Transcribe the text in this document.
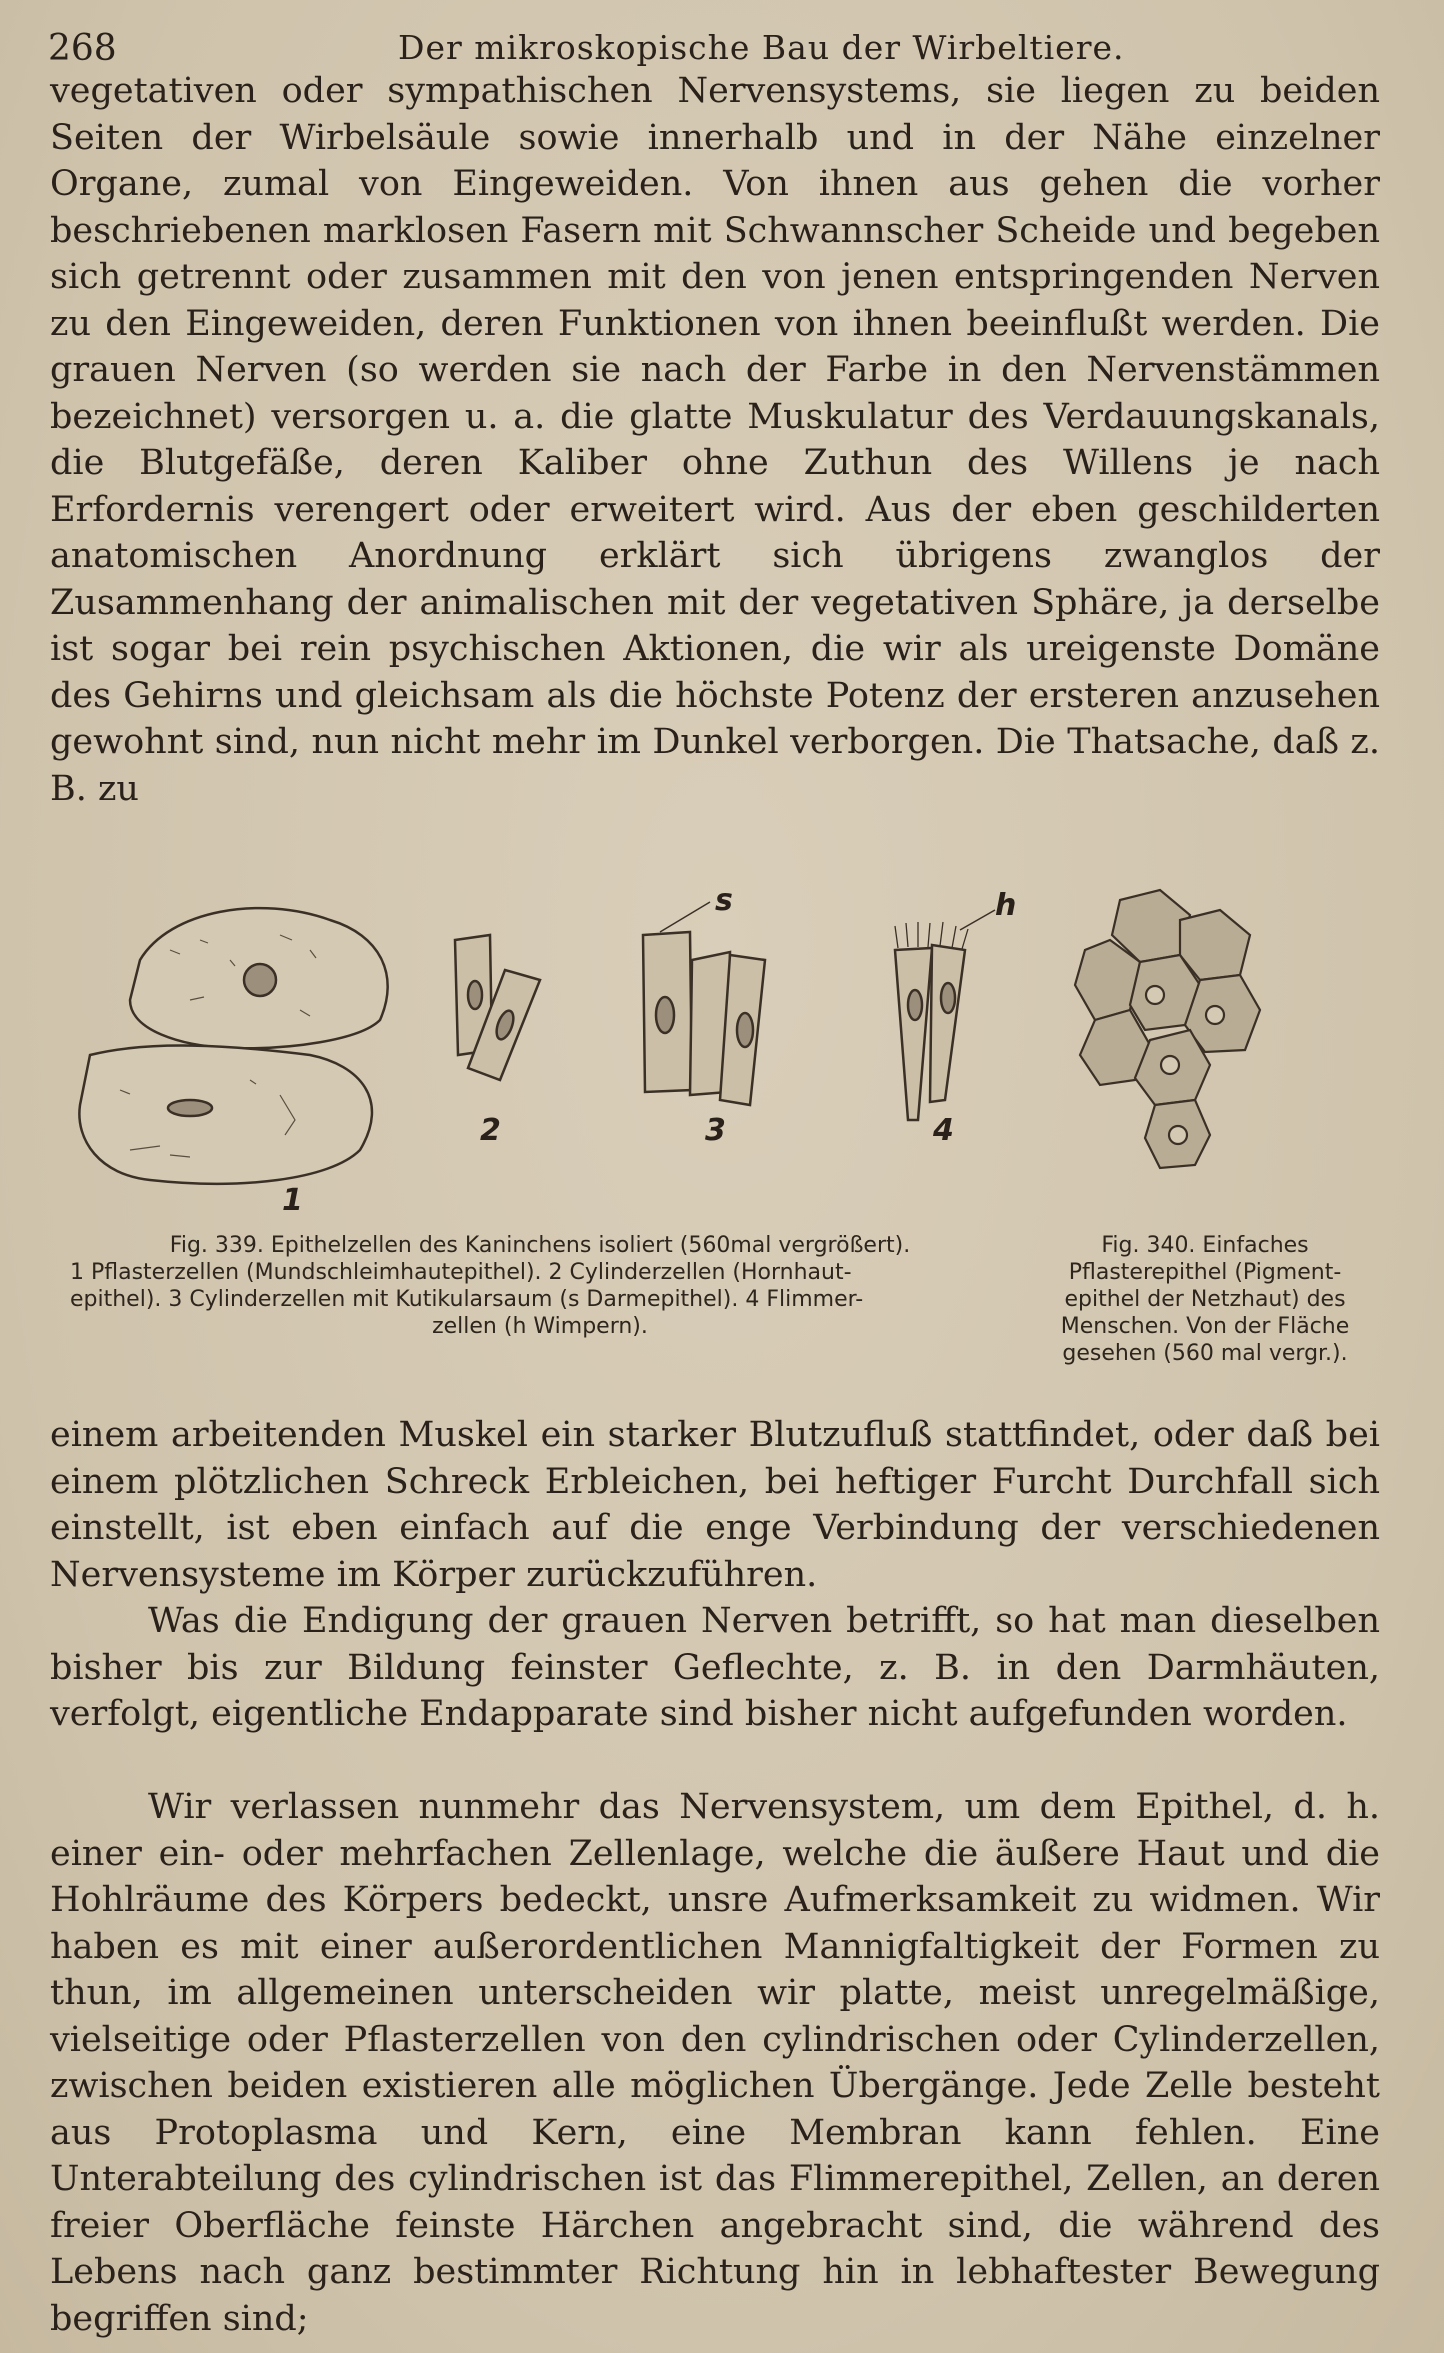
268	Der mikroskopische Bau der Wirbeltiere.

vegetativen oder sympathischen Nervensystems, sie liegen zu beiden Seiten der Wirbelsäule sowie innerhalb und in der Nähe einzelner Organe, zumal von Eingeweiden. Von ihnen aus gehen die vorher beschriebenen marklosen Fasern mit Schwannscher Scheide und begeben sich getrennt oder zusammen mit den von jenen entspringenden Nerven zu den Eingeweiden, deren Funktionen von ihnen beeinflußt werden. Die grauen Nerven (so werden sie nach der Farbe in den Nervenstämmen bezeichnet) versorgen u. a. die glatte Muskulatur des Verdauungskanals, die Blutgefäße, deren Kaliber ohne Zuthun des Willens je nach Erfordernis verengert oder erweitert wird. Aus der eben geschilderten anatomischen Anordnung erklärt sich übrigens zwanglos der Zusammenhang der animalischen mit der vegetativen Sphäre, ja derselbe ist sogar bei rein psychischen Aktionen, die wir als ureigenste Domäne des Gehirns und gleichsam als die höchste Potenz der ersteren anzusehen gewohnt sind, nun nicht mehr im Dunkel verborgen. Die Thatsache, daß z. B. zu

1
2	3	4
s	h
Fig. 339. Epithelzellen des Kaninchens isoliert (560mal vergrößert).
1 Pflasterzellen (Mundschleimhautepithel). 2 Cylinderzellen (Hornhaut-
epithel). 3 Cylinderzellen mit Kutikularsaum (s Darmepithel). 4 Flimmer-
zellen (h Wimpern).
Fig. 340. Einfaches
Pflasterepithel (Pigment-
epithel der Netzhaut) des
Menschen. Von der Fläche
gesehen (560 mal vergr.).

einem arbeitenden Muskel ein starker Blutzufluß stattfindet, oder daß bei einem plötzlichen Schreck Erbleichen, bei heftiger Furcht Durchfall sich einstellt, ist eben einfach auf die enge Verbindung der verschiedenen Nervensysteme im Körper zurückzuführen.

Was die Endigung der grauen Nerven betrifft, so hat man dieselben bisher bis zur Bildung feinster Geflechte, z. B. in den Darmhäuten, verfolgt, eigentliche Endapparate sind bisher nicht aufgefunden worden.

Wir verlassen nunmehr das Nervensystem, um dem Epithel, d. h. einer ein- oder mehrfachen Zellenlage, welche die äußere Haut und die Hohlräume des Körpers bedeckt, unsre Aufmerksamkeit zu widmen. Wir haben es mit einer außerordentlichen Mannigfaltigkeit der Formen zu thun, im allgemeinen unterscheiden wir platte, meist unregelmäßige, vielseitige oder Pflasterzellen von den cylindrischen oder Cylinderzellen, zwischen beiden existieren alle möglichen Übergänge. Jede Zelle besteht aus Protoplasma und Kern, eine Membran kann fehlen. Eine Unterabteilung des cylindrischen ist das Flimmerepithel, Zellen, an deren freier Oberfläche feinste Härchen angebracht sind, die während des Lebens nach ganz bestimmter Richtung hin in lebhaftester Bewegung begriffen sind;
